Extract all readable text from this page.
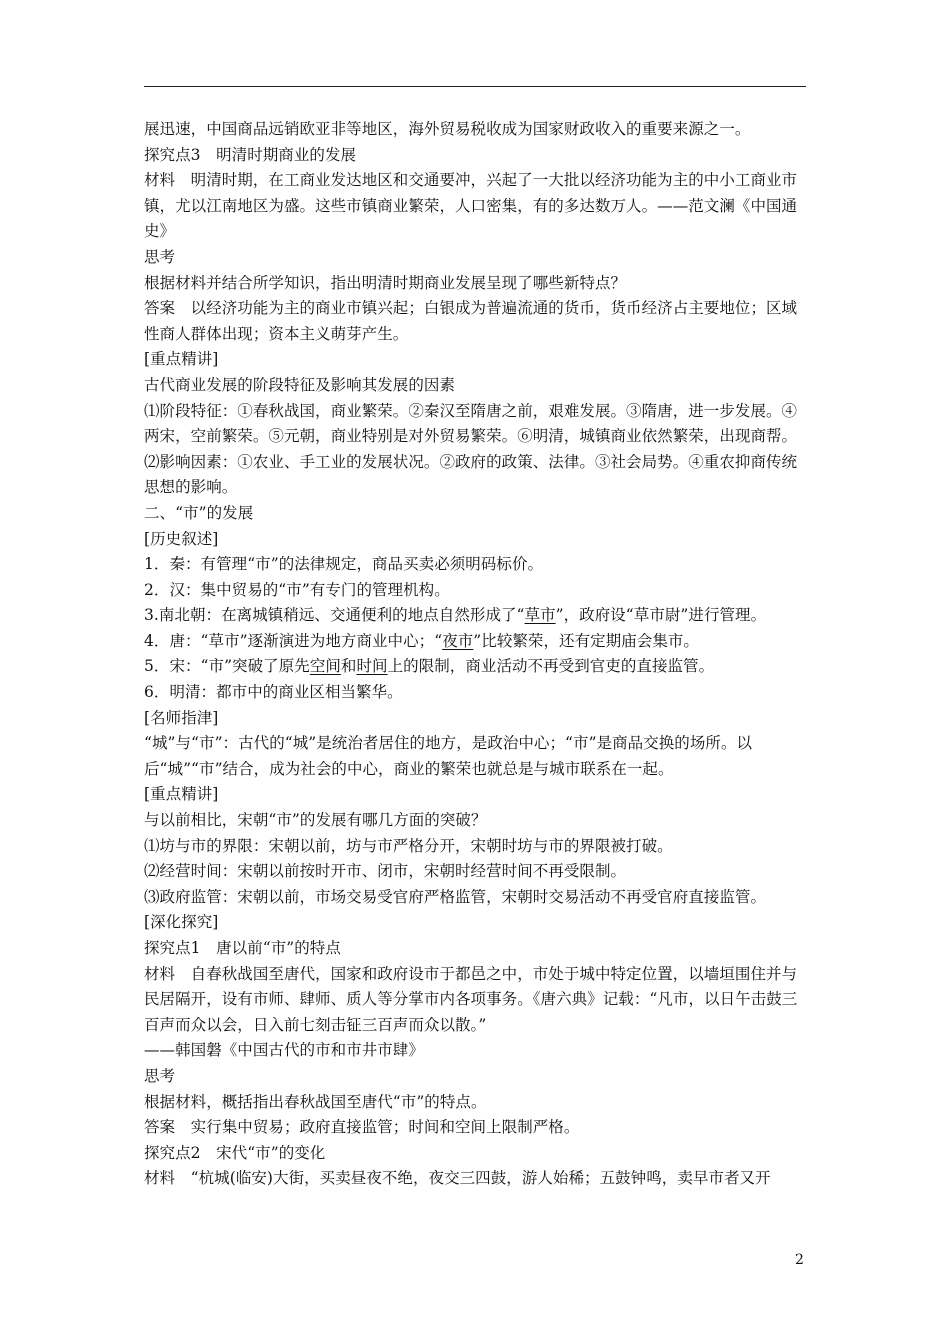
展迅速，中国商品远销欧亚非等地区，海外贸易税收成为国家财政收入的重要来源之一。

探究点3　明清时期商业的发展

材料　明清时期，在工商业发达地区和交通要冲，兴起了一大批以经济功能为主的中小工商业市镇，尤以江南地区为盛。这些市镇商业繁荣，人口密集，有的多达数万人。——范文澜《中国通史》

思考

根据材料并结合所学知识，指出明清时期商业发展呈现了哪些新特点？

答案　以经济功能为主的商业市镇兴起；白银成为普遍流通的货币，货币经济占主要地位；区域性商人群体出现；资本主义萌芽产生。

[重点精讲]

古代商业发展的阶段特征及影响其发展的因素

⑴阶段特征：①春秋战国，商业繁荣。②秦汉至隋唐之前，艰难发展。③隋唐，进一步发展。④两宋，空前繁荣。⑤元朝，商业特别是对外贸易繁荣。⑥明清，城镇商业依然繁荣，出现商帮。

⑵影响因素：①农业、手工业的发展状况。②政府的政策、法律。③社会局势。④重农抑商传统思想的影响。

二、“市”的发展

[历史叙述]

1．秦：有管理“市”的法律规定，商品买卖必须明码标价。

2．汉：集中贸易的“市”有专门的管理机构。

3.南北朝：在离城镇稍远、交通便利的地点自然形成了“草市”，政府设“草市尉”进行管理。

4．唐：“草市”逐渐演进为地方商业中心；“夜市”比较繁荣，还有定期庙会集市。

5．宋：“市”突破了原先空间和时间上的限制，商业活动不再受到官吏的直接监管。

6．明清：都市中的商业区相当繁华。

[名师指津]

“城”与“市”：古代的“城”是统治者居住的地方，是政治中心；“市”是商品交换的场所。以后“城”“市”结合，成为社会的中心，商业的繁荣也就总是与城市联系在一起。

[重点精讲]

与以前相比，宋朝“市”的发展有哪几方面的突破？

⑴坊与市的界限：宋朝以前，坊与市严格分开，宋朝时坊与市的界限被打破。

⑵经营时间：宋朝以前按时开市、闭市，宋朝时经营时间不再受限制。

⑶政府监管：宋朝以前，市场交易受官府严格监管，宋朝时交易活动不再受官府直接监管。

[深化探究]

探究点1　唐以前“市”的特点

材料　自春秋战国至唐代，国家和政府设市于都邑之中，市处于城中特定位置，以墙垣围住并与民居隔开，设有市师、肆师、质人等分掌市内各项事务。《唐六典》记载：“凡市，以日午击鼓三百声而众以会，日入前七刻击钲三百声而众以散。”

——韩国磐《中国古代的市和市井市肆》

思考

根据材料，概括指出春秋战国至唐代“市”的特点。

答案　实行集中贸易；政府直接监管；时间和空间上限制严格。

探究点2　宋代“市”的变化

材料　“杭城(临安)大街，买卖昼夜不绝，夜交三四鼓，游人始稀；五鼓钟鸣，卖早市者又开

2
